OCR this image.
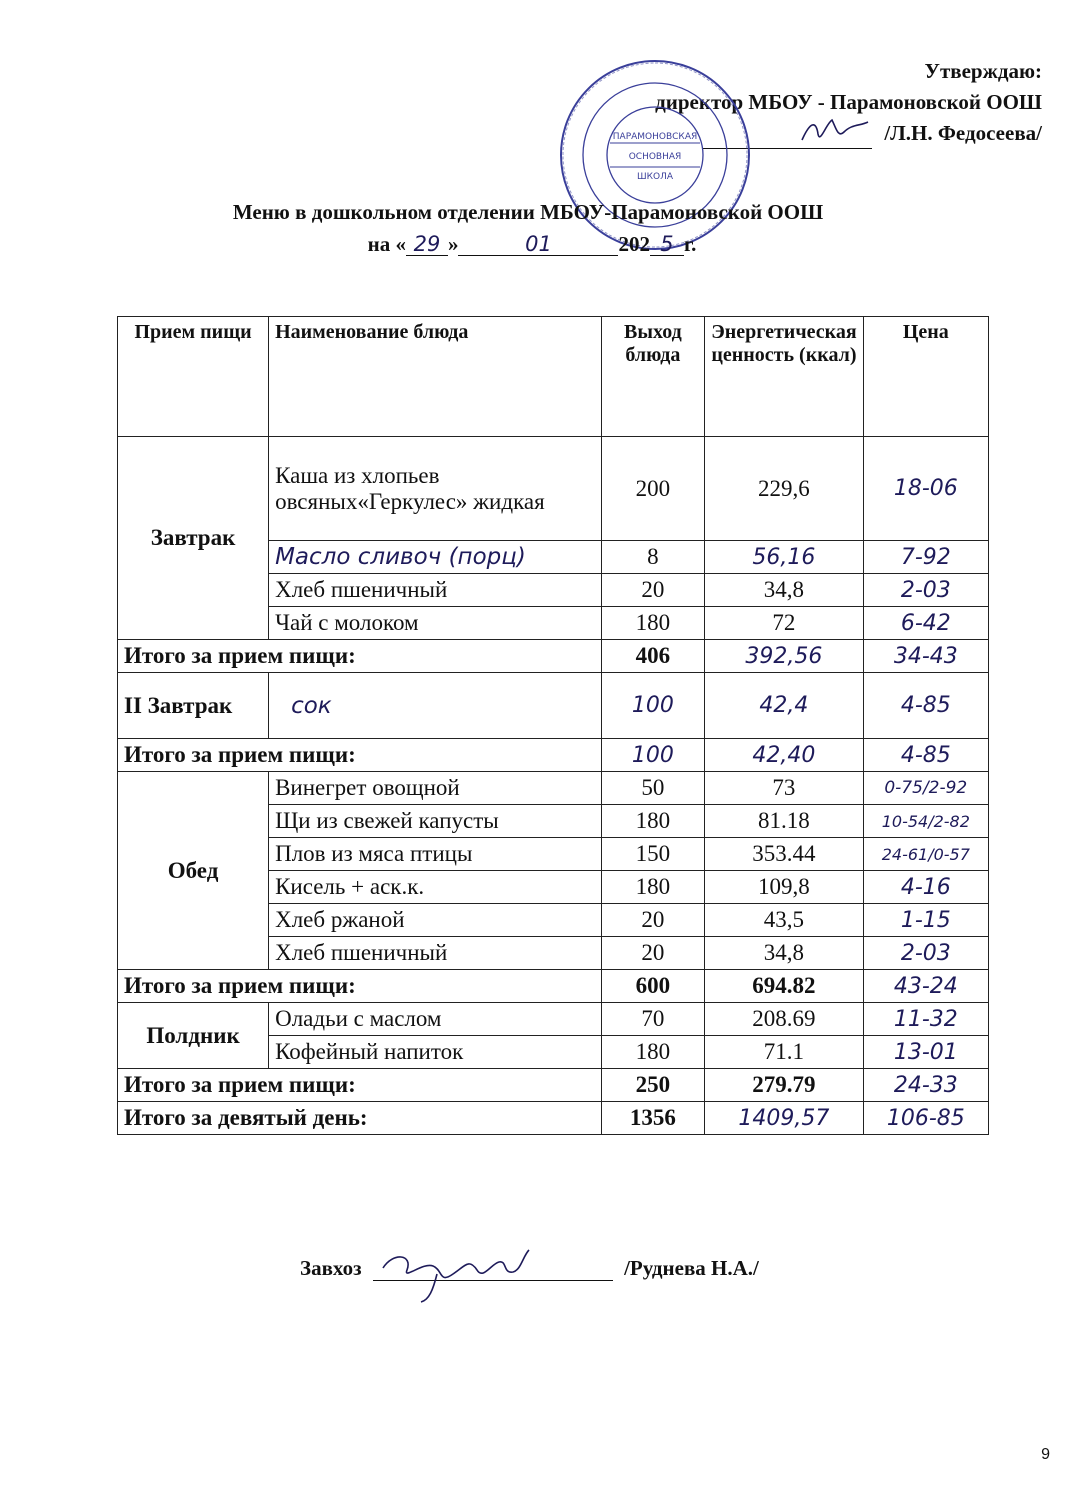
Утверждаю:
директор МБОУ - Парамоновской ООШ
/Л.Н. Федосеева/
ПАРАМОНОВСКАЯ
ОСНОВНАЯ
ШКОЛА
Меню в дошкольном отделении МБОУ-Парамоновской ООШ
на « 29 »	01	202 5 г.
Прием пищи	Наименование блюда	Выход блюда	Энергетическая ценность (ккал)	Цена
Завтрак	Каша из хлопьев овсяных«Геркулес» жидкая	200	229,6	18-06
	Масло сливоч (порц)	8	56,16	7-92
	Хлеб пшеничный	20	34,8	2-03
	Чай с молоком	180	72	6-42
Итого за прием пищи:		406	392,56	34-43
II Завтрак	сок	100	42,4	4-85
Итого за прием пищи:		100	42,40	4-85
Обед	Винегрет овощной	50	73	0-75/2-92
	Щи из свежей капусты	180	81.18	10-54/2-82
	Плов из мяса птицы	150	353.44	24-61/0-57
	Кисель + аск.к.	180	109,8	4-16
	Хлеб ржаной	20	43,5	1-15
	Хлеб пшеничный	20	34,8	2-03
Итого за прием пищи:		600	694.82	43-24
Полдник	Оладьи с маслом	70	208.69	11-32
	Кофейный напиток	180	71.1	13-01
Итого за прием пищи:		250	279.79	24-33
Итого за девятый день:		1356	1409,57	106-85
Завхоз	/Руднева Н.А./
9
